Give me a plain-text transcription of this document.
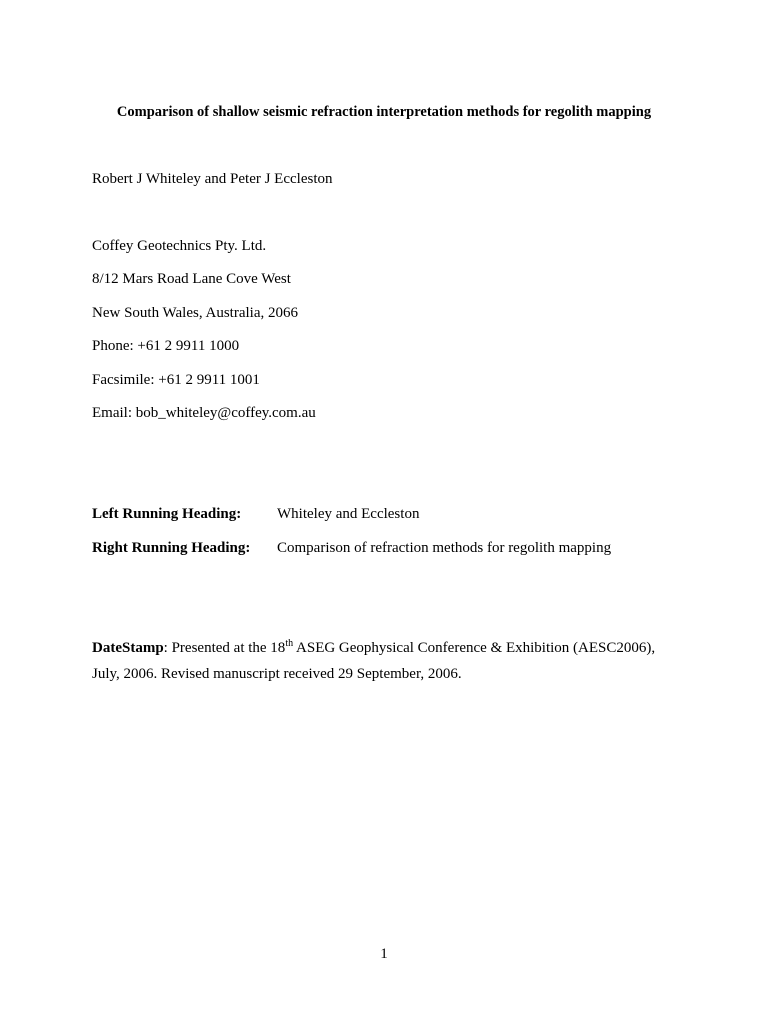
Comparison of shallow seismic refraction interpretation methods for regolith mapping
Robert J Whiteley and Peter J Eccleston
Coffey Geotechnics Pty. Ltd.
8/12 Mars Road Lane Cove West
New South Wales, Australia, 2066
Phone: +61 2 9911 1000
Facsimile: +61 2 9911 1001
Email: bob_whiteley@coffey.com.au
Left Running Heading: Whiteley and Eccleston
Right Running Heading: Comparison of refraction methods for regolith mapping
DateStamp: Presented at the 18th ASEG Geophysical Conference & Exhibition (AESC2006),
July, 2006. Revised manuscript received 29 September, 2006.
1
